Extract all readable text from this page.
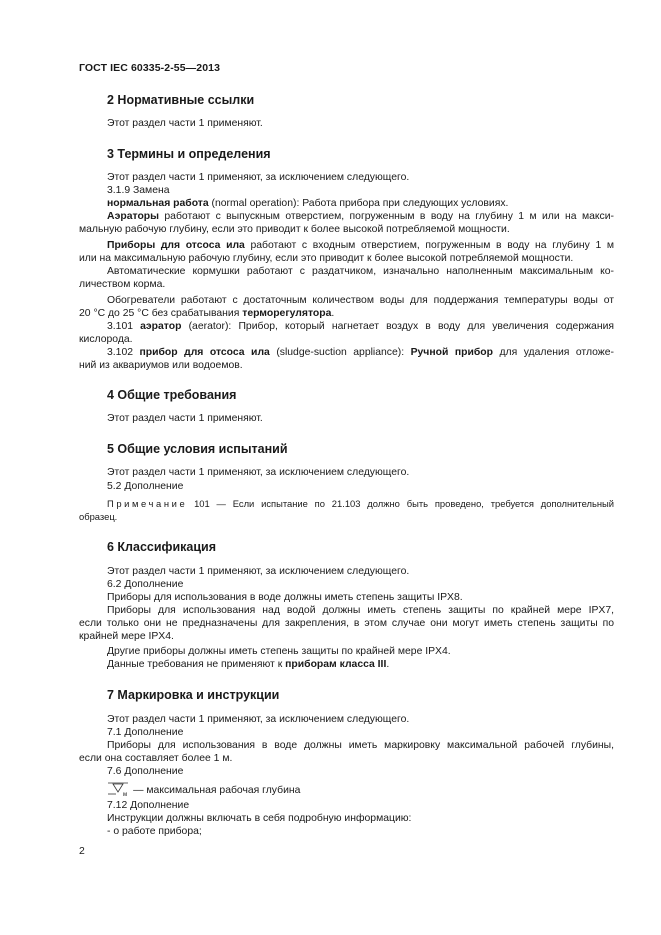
ГОСТ IEC 60335-2-55—2013
2 Нормативные ссылки
Этот раздел части 1 применяют.
3 Термины и определения
Этот раздел части 1 применяют, за исключением следующего.
3.1.9 Замена
нормальная работа (normal operation): Работа прибора при следующих условиях.
Аэраторы работают с выпускным отверстием, погруженным в воду на глубину 1 м или на макси-
мальную рабочую глубину, если это приводит к более высокой потребляемой мощности.
Приборы для отсоса ила работают с входным отверстием, погруженным в воду на глубину 1 м
или на максимальную рабочую глубину, если это приводит к более высокой потребляемой мощности.
Автоматические кормушки работают с раздатчиком, изначально наполненным максимальным ко-
личеством корма.
Обогреватели работают с достаточным количеством воды для поддержания температуры воды от
20 °С до 25 °С без срабатывания терморегулятора.
3.101 аэратор (aerator): Прибор, который нагнетает воздух в воду для увеличения содержания
кислорода.
3.102 прибор для отсоса ила (sludge-suction appliance): Ручной прибор для удаления отложе-
ний из аквариумов или водоемов.
4 Общие требования
Этот раздел части 1 применяют.
5 Общие условия испытаний
Этот раздел части 1 применяют, за исключением следующего.
5.2 Дополнение
Примечание 101 — Если испытание по 21.103 должно быть проведено, требуется дополнительный
образец.
6 Классификация
Этот раздел части 1 применяют, за исключением следующего.
6.2 Дополнение
Приборы для использования в воде должны иметь степень защиты IPX8.
Приборы для использования над водой должны иметь степень защиты по крайней мере IPX7,
если только они не предназначены для закрепления, в этом случае они могут иметь степень защиты по
крайней мере IPX4.
Другие приборы должны иметь степень защиты по крайней мере IPX4.
Данные требования не применяют к приборам класса III.
7 Маркировка и инструкции
Этот раздел части 1 применяют, за исключением следующего.
7.1 Дополнение
Приборы для использования в воде должны иметь маркировку максимальной рабочей глубины,
если она составляет более 1 м.
7.6 Дополнение
$_м$ — максимальная рабочая глубина
7.12 Дополнение
Инструкции должны включать в себя подробную информацию:
- о работе прибора;
2
